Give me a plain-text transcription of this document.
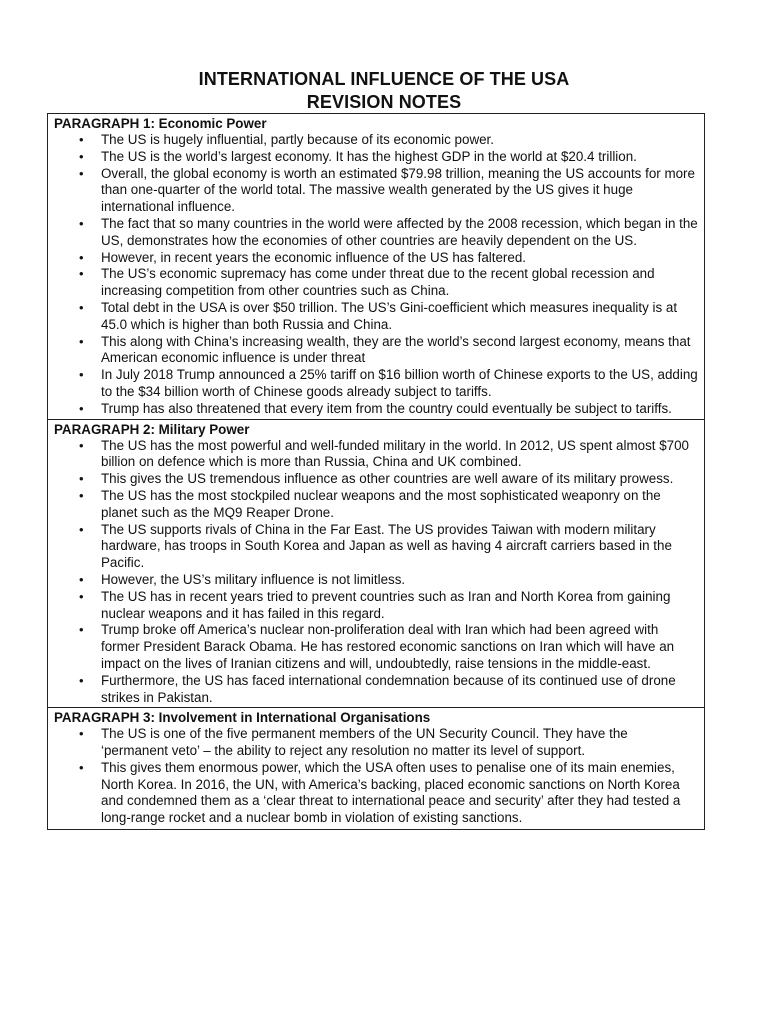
INTERNATIONAL INFLUENCE OF THE USA
REVISION NOTES
PARAGRAPH 1: Economic Power
• The US is hugely influential, partly because of its economic power.
• The US is the world’s largest economy. It has the highest GDP in the world at $20.4 trillion.
• Overall, the global economy is worth an estimated $79.98 trillion, meaning the US accounts for more than one-quarter of the world total. The massive wealth generated by the US gives it huge international influence.
• The fact that so many countries in the world were affected by the 2008 recession, which began in the US, demonstrates how the economies of other countries are heavily dependent on the US.
• However, in recent years the economic influence of the US has faltered.
• The US’s economic supremacy has come under threat due to the recent global recession and increasing competition from other countries such as China.
• Total debt in the USA is over $50 trillion. The US’s Gini-coefficient which measures inequality is at 45.0 which is higher than both Russia and China.
• This along with China’s increasing wealth, they are the world’s second largest economy, means that American economic influence is under threat
• In July 2018 Trump announced a 25% tariff on $16 billion worth of Chinese exports to the US, adding to the $34 billion worth of Chinese goods already subject to tariffs.
• Trump has also threatened that every item from the country could eventually be subject to tariffs.
PARAGRAPH 2: Military Power
• The US has the most powerful and well-funded military in the world. In 2012, US spent almost $700 billion on defence which is more than Russia, China and UK combined.
• This gives the US tremendous influence as other countries are well aware of its military prowess.
• The US has the most stockpiled nuclear weapons and the most sophisticated weaponry on the planet such as the MQ9 Reaper Drone.
• The US supports rivals of China in the Far East. The US provides Taiwan with modern military hardware, has troops in South Korea and Japan as well as having 4 aircraft carriers based in the Pacific.
• However, the US’s military influence is not limitless.
• The US has in recent years tried to prevent countries such as Iran and North Korea from gaining nuclear weapons and it has failed in this regard.
• Trump broke off America’s nuclear non-proliferation deal with Iran which had been agreed with former President Barack Obama. He has restored economic sanctions on Iran which will have an impact on the lives of Iranian citizens and will, undoubtedly, raise tensions in the middle-east.
• Furthermore, the US has faced international condemnation because of its continued use of drone strikes in Pakistan.
PARAGRAPH 3: Involvement in International Organisations
• The US is one of the five permanent members of the UN Security Council. They have the ‘permanent veto’ – the ability to reject any resolution no matter its level of support.
• This gives them enormous power, which the USA often uses to penalise one of its main enemies, North Korea. In 2016, the UN, with America’s backing, placed economic sanctions on North Korea and condemned them as a ‘clear threat to international peace and security’ after they had tested a long-range rocket and a nuclear bomb in violation of existing sanctions.
